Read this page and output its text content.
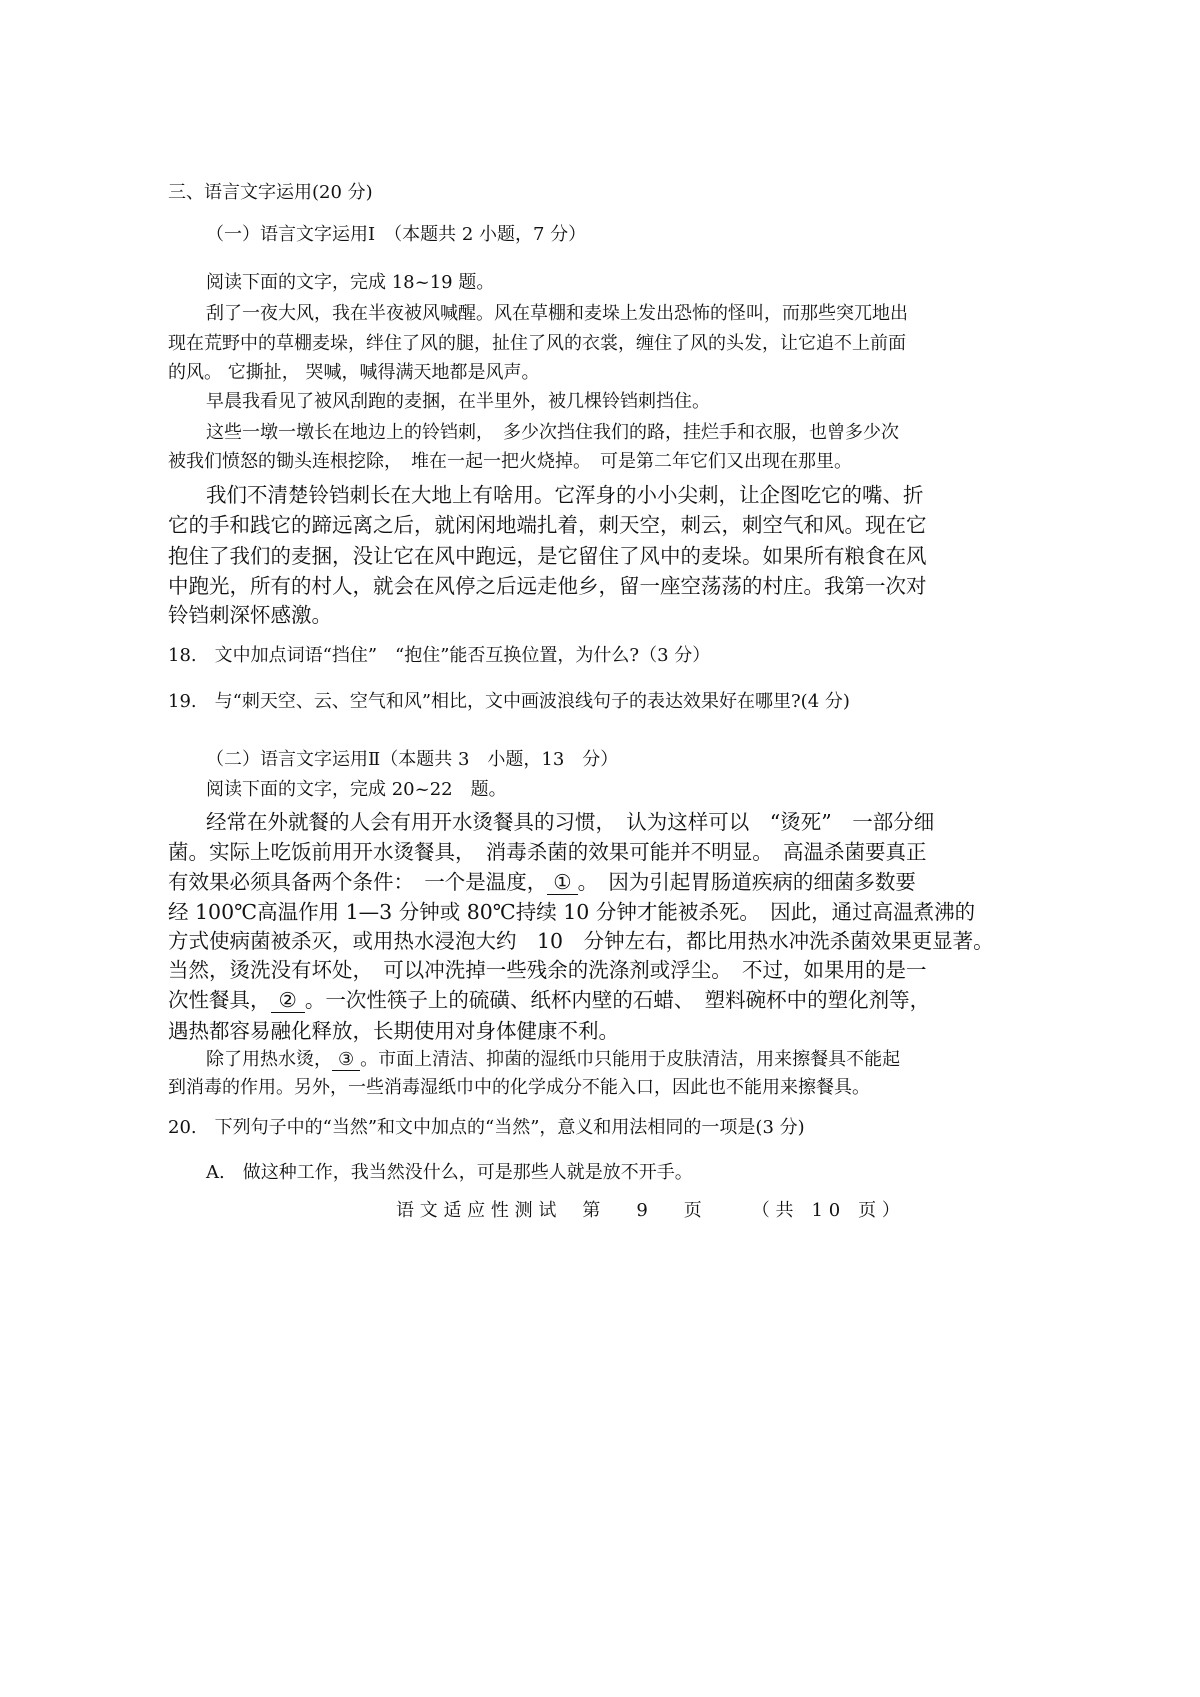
三、语言文字运用(20 分)
（一）语言文字运用Ⅰ　（本题共 2 小题，7 分）
阅读下面的文字，完成 18~19 题。
刮了一夜大风，我在半夜被风喊醒。风在草棚和麦垛上发出恐怖的怪叫，而那些突兀地出
现在荒野中的草棚麦垛，绊住了风的腿，扯住了风的衣裳，缠住了风的头发，让它追不上前面
的风。 它撕扯， 哭喊，喊得满天地都是风声。
早晨我看见了被风刮跑的麦捆，在半里外，被几棵铃铛刺挡住。
这些一墩一墩长在地边上的铃铛刺，　多少次挡住我们的路，挂烂手和衣服，也曾多少次
被我们愤怒的锄头连根挖除，　堆在一起一把火烧掉。　可是第二年它们又出现在那里。
我们不清楚铃铛刺长在大地上有啥用。它浑身的小小尖刺，让企图吃它的嘴、折
它的手和践它的蹄远离之后，就闲闲地端扎着，刺天空，刺云，刺空气和风。现在它
抱住了我们的麦捆，没让它在风中跑远，是它留住了风中的麦垛。如果所有粮食在风
中跑光，所有的村人，就会在风停之后远走他乡，留一座空荡荡的村庄。我第一次对
铃铛刺深怀感激。
18.　文中加点词语“挡住”　“抱住”能否互换位置，为什么?（3 分）
19.　与“刺天空、云、空气和风”相比，文中画波浪线句子的表达效果好在哪里?(4 分)
（二）语言文字运用Ⅱ（本题共 3　小题，13　分）
阅读下面的文字，完成 20~22　题。
经常在外就餐的人会有用开水烫餐具的习惯，　认为这样可以　“烫死”　一部分细
菌。实际上吃饭前用开水烫餐具，　消毒杀菌的效果可能并不明显。　高温杀菌要真正
有效果必须具备两个条件：　一个是温度， ① 。　因为引起胃肠道疾病的细菌多数要
经 100℃高温作用 1—3 分钟或 80℃持续 10 分钟才能被杀死。　因此，通过高温煮沸的
方式使病菌被杀灭，或用热水浸泡大约　10　分钟左右，都比用热水冲洗杀菌效果更显著。
当然，烫洗没有坏处，　可以冲洗掉一些残余的洗涤剂或浮尘。　不过，如果用的是一
次性餐具， ② 。一次性筷子上的硫磺、纸杯内壁的石蜡、　塑料碗杯中的塑化剂等，
遇热都容易融化释放，长期使用对身体健康不利。
除了用热水烫， ③ 。市面上清洁、抑菌的湿纸巾只能用于皮肤清洁，用来擦餐具不能起
到消毒的作用。另外，一些消毒湿纸巾中的化学成分不能入口，因此也不能用来擦餐具。
20.　下列句子中的“当然”和文中加点的“当然”，意义和用法相同的一项是(3 分)
A.　做这种工作，我当然没什么，可是那些人就是放不开手。
语 文 适 应 性 测 试 第　　9　　页	（ 共　1 0　页 ）
